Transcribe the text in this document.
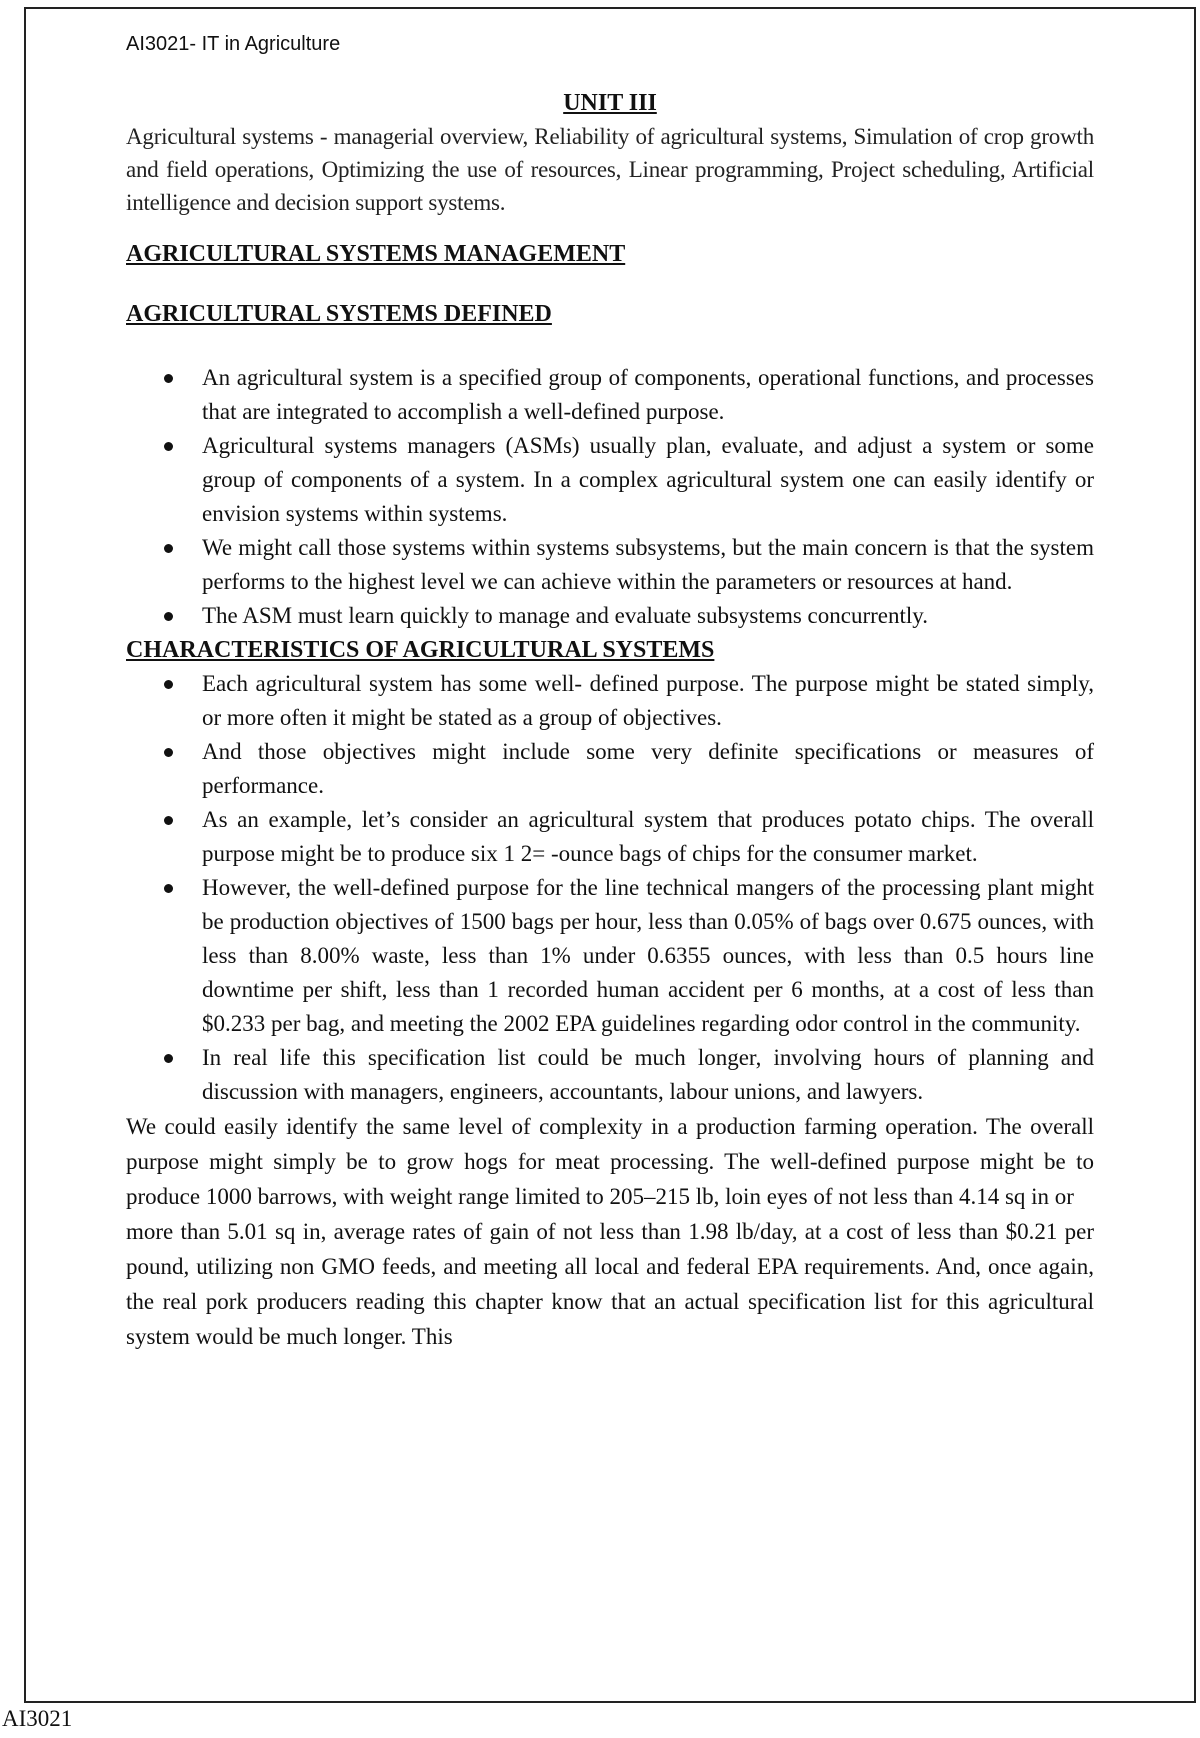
AI3021- IT in Agriculture
UNIT III

Agricultural systems - managerial overview, Reliability of agricultural systems, Simulation of crop growth and field operations, Optimizing the use of resources, Linear programming, Project scheduling, Artificial intelligence and decision support systems.

AGRICULTURAL SYSTEMS MANAGEMENT
AGRICULTURAL SYSTEMS DEFINED
An agricultural system is a specified group of components, operational functions, and processes that are integrated to accomplish a well-defined purpose.
Agricultural systems managers (ASMs) usually plan, evaluate, and adjust a system or some group of components of a system. In a complex agricultural system one can easily identify or envision systems within systems.
We might call those systems within systems subsystems, but the main concern is that the system performs to the highest level we can achieve within the parameters or resources at hand.
The ASM must learn quickly to manage and evaluate subsystems concurrently.
CHARACTERISTICS OF AGRICULTURAL SYSTEMS
Each agricultural system has some well- defined purpose. The purpose might be stated simply, or more often it might be stated as a group of objectives.
And those objectives might include some very definite specifications or measures of performance.
As an example, let’s consider an agricultural system that produces potato chips. The overall purpose might be to produce six 1 2= -ounce bags of chips for the consumer market.
However, the well-defined purpose for the line technical mangers of the processing plant might be production objectives of 1500 bags per hour, less than 0.05% of bags over 0.675 ounces, with less than 8.00% waste, less than 1% under 0.6355 ounces, with less than 0.5 hours line downtime per shift, less than 1 recorded human accident per 6 months, at a cost of less than $0.233 per bag, and meeting the 2002 EPA guidelines regarding odor control in the community.
In real life this specification list could be much longer, involving hours of planning and discussion with managers, engineers, accountants, labour unions, and lawyers.

We could easily identify the same level of complexity in a production farming operation. The overall purpose might simply be to grow hogs for meat processing. The well-defined purpose might be to produce 1000 barrows, with weight range limited to 205–215 lb, loin eyes of not less than 4.14 sq in or

more than 5.01 sq in, average rates of gain of not less than 1.98 lb/day, at a cost of less than $0.21 per pound, utilizing non GMO feeds, and meeting all local and federal EPA requirements. And, once again, the real pork producers reading this chapter know that an actual specification list for this agricultural system would be much longer. This

AI3021
